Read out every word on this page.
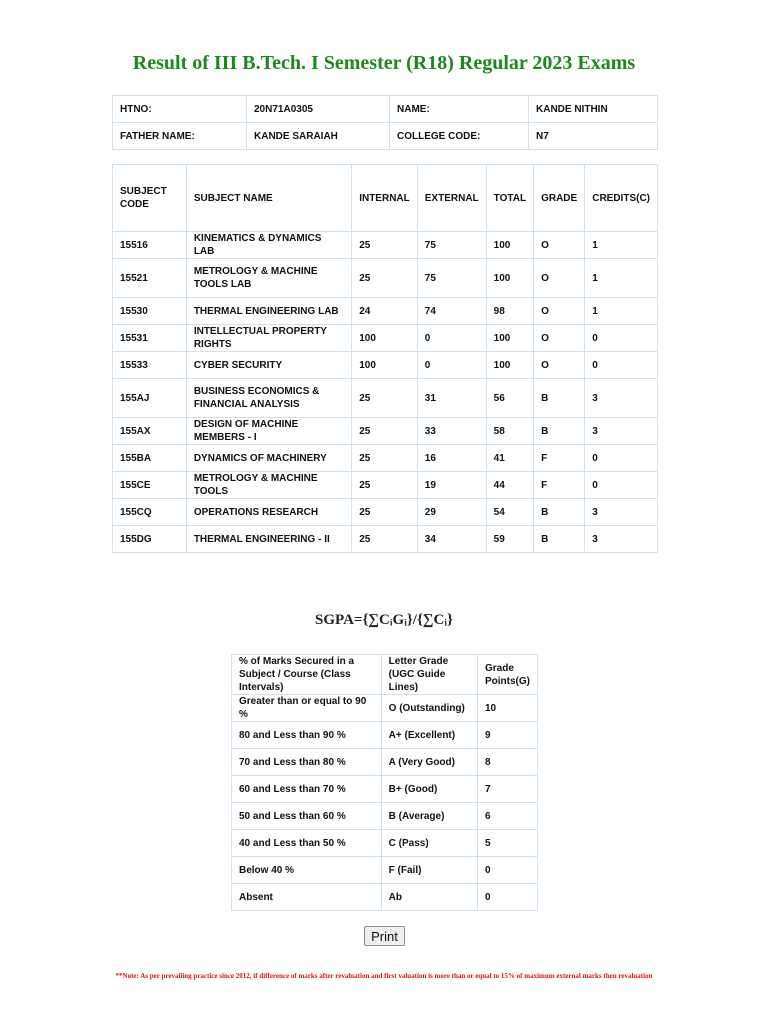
Result of III B.Tech. I Semester (R18) Regular 2023 Exams
HTNO:	20N71A0305	NAME:	KANDE NITHIN
FATHER NAME:	KANDE SARAIAH	COLLEGE CODE:	N7
SUBJECT CODE	SUBJECT NAME	INTERNAL	EXTERNAL	TOTAL	GRADE	CREDITS(C)
15516	KINEMATICS & DYNAMICS LAB	25	75	100	O	1
15521	METROLOGY & MACHINE TOOLS LAB	25	75	100	O	1
15530	THERMAL ENGINEERING LAB	24	74	98	O	1
15531	INTELLECTUAL PROPERTY RIGHTS	100	0	100	O	0
15533	CYBER SECURITY	100	0	100	O	0
155AJ	BUSINESS ECONOMICS & FINANCIAL ANALYSIS	25	31	56	B	3
155AX	DESIGN OF MACHINE MEMBERS - I	25	33	58	B	3
155BA	DYNAMICS OF MACHINERY	25	16	41	F	0
155CE	METROLOGY & MACHINE TOOLS	25	19	44	F	0
155CQ	OPERATIONS RESEARCH	25	29	54	B	3
155DG	THERMAL ENGINEERING - II	25	34	59	B	3
SGPA={∑CᵢGᵢ}/{∑Cᵢ}
% of Marks Secured in a Subject / Course (Class Intervals)	Letter Grade (UGC Guide Lines)	Grade Points(G)
Greater than or equal to 90 %	O (Outstanding)	10
80 and Less than 90 %	A+ (Excellent)	9
70 and Less than 80 %	A (Very Good)	8
60 and Less than 70 %	B+ (Good)	7
50 and Less than 60 %	B (Average)	6
40 and Less than 50 %	C (Pass)	5
Below 40 %	F (Fail)	0
Absent	Ab	0
Print
**Note: As per prevailing practice since 2012, if difference of marks after revaluation and first valuation is more than or equal to 15% of maximum external marks then revaluation
